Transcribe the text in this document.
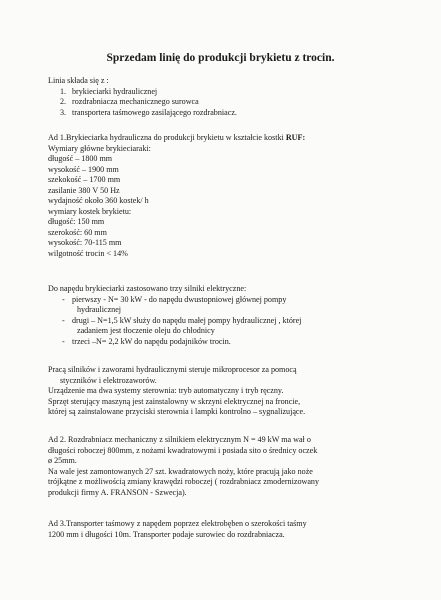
Sprzedam linię do produkcji brykietu z trocin.
Linia składa się z :
1. brykieciarki hydraulicznej
2. rozdrabniacza mechanicznego surowca
3. transportera taśmowego zasilającego rozdrabniacz.
Ad 1.Brykieciarka hydrauliczna do produkcji brykietu w kształcie kostki RUF:
Wymiary główne brykieciaraki:
długość – 1800 mm
wysokość – 1900 mm
szekokość – 1700 mm
zasilanie 380 V 50 Hz
wydajność około 360 kostek/ h
wymiary kostek brykietu:
długość: 150 mm
szerokość: 60 mm
wysokość: 70-115 mm
wilgotność trocin < 14%
Do napędu brykieciarki zastosowano trzy silniki elektryczne:
- pierwszy - N= 30 kW - do napędu dwustopniowej głównej pompy
hydraulicznej
- drugi – N=1,5 kW służy do napędu małej pompy hydraulicznej , której
zadaniem jest tłoczenie oleju do chłodnicy
- trzeci –N= 2,2 kW do napędu podajników trocin.
Pracą silników i zaworami hydraulicznymi steruje mikroprocesor za pomocą
styczników i elektrozaworów.
Urządzenie ma dwa systemy sterownia: tryb automatyczny i tryb ręczny.
Sprzęt sterujący maszyną jest zainstalowny w skrzyni elektrycznej na froncie,
której są zainstalowane przyciski sterownia i lampki kontrolno – sygnalizujące.
Ad 2. Rozdrabniacz mechaniczny z silnikiem elektrycznym N = 49 kW ma wał o
długości roboczej 800mm, z nożami kwadratowymi i posiada sito o średnicy oczek
ø 25mm.
Na wale jest zamontowanych 27 szt. kwadratowych noży, które pracują jako noże
trójkątne z możliwością zmiany krawędzi roboczej ( rozdrabniacz zmodernizowany
produkcji firmy A. FRANSON - Szwecja).
Ad 3.Transporter taśmowy z napędem poprzez elektrobęben o szerokości taśmy
1200 mm i długości 10m. Transporter podaje surowiec do rozdrabniacza.
